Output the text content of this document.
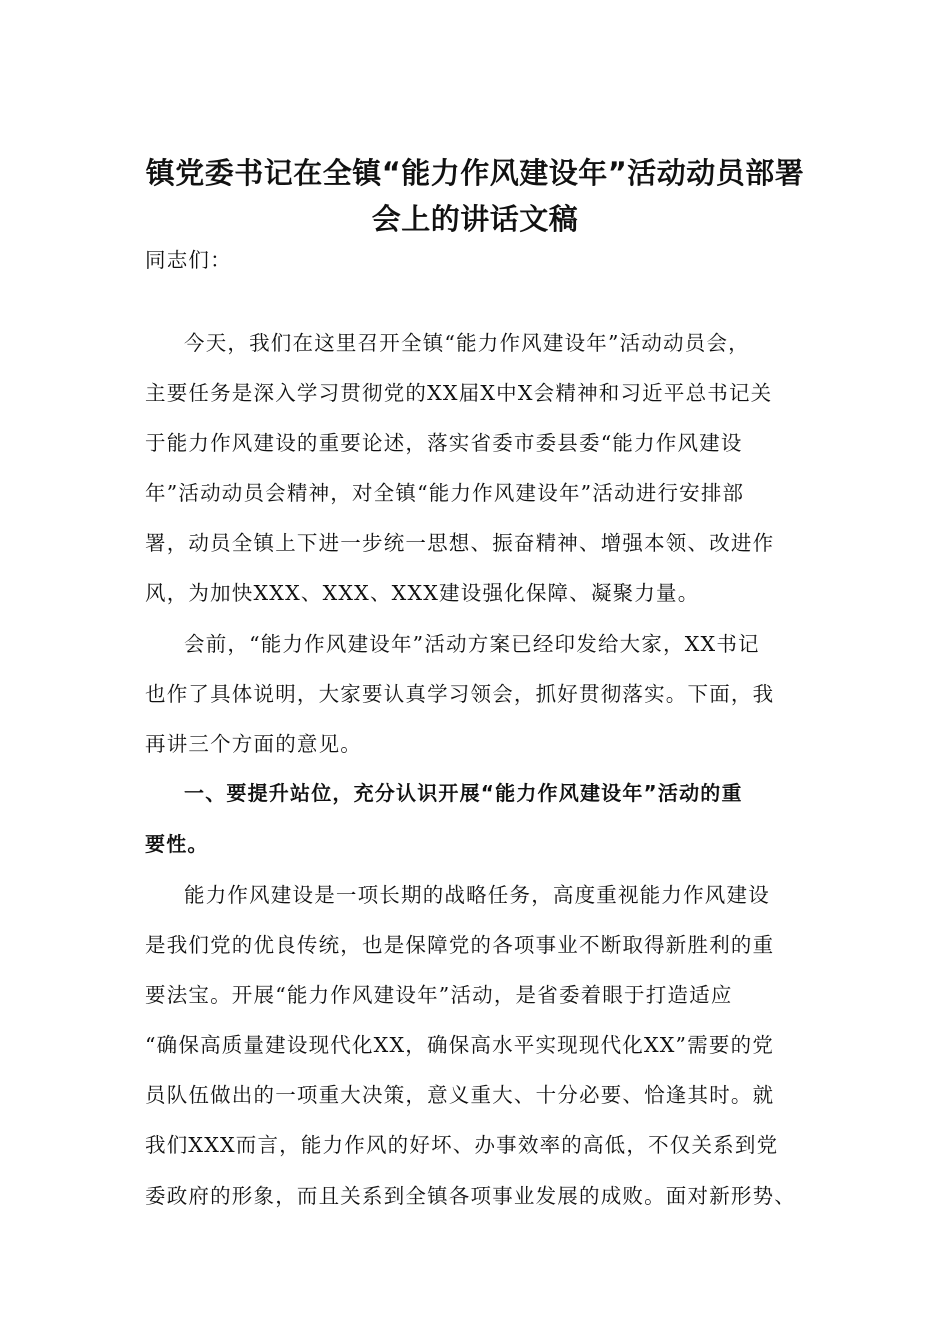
镇党委书记在全镇“能力作风建设年”活动动员部署
会上的讲话文稿
同志们：
今天，我们在这里召开全镇“能力作风建设年”活动动员会，
主要任务是深入学习贯彻党的XX届X中X会精神和习近平总书记关
于能力作风建设的重要论述，落实省委市委县委“能力作风建设
年”活动动员会精神，对全镇“能力作风建设年”活动进行安排部
署，动员全镇上下进一步统一思想、振奋精神、增强本领、改进作
风，为加快XXX、XXX、XXX建设强化保障、凝聚力量。
会前，“能力作风建设年”活动方案已经印发给大家，XX书记
也作了具体说明，大家要认真学习领会，抓好贯彻落实。下面，我
再讲三个方面的意见。
一、要提升站位，充分认识开展“能力作风建设年”活动的重
要性。
能力作风建设是一项长期的战略任务，高度重视能力作风建设
是我们党的优良传统，也是保障党的各项事业不断取得新胜利的重
要法宝。开展“能力作风建设年”活动，是省委着眼于打造适应
“确保高质量建设现代化XX，确保高水平实现现代化XX”需要的党
员队伍做出的一项重大决策，意义重大、十分必要、恰逢其时。就
我们XXX而言，能力作风的好坏、办事效率的高低，不仅关系到党
委政府的形象，而且关系到全镇各项事业发展的成败。面对新形势、
